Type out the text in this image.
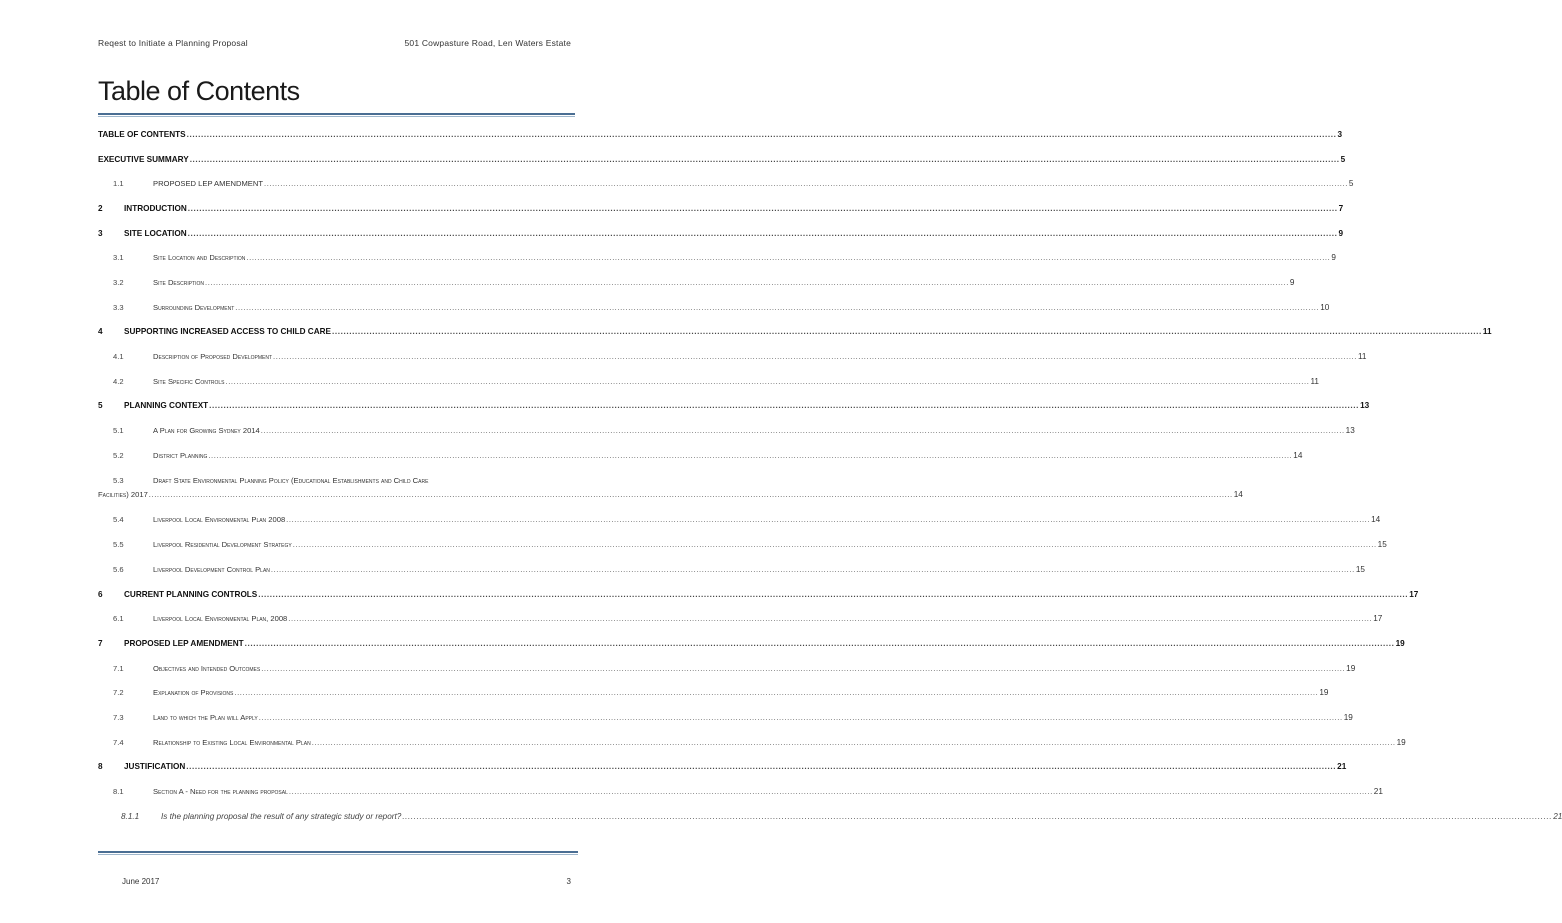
Reqest to Initiate a Planning Proposal	501 Cowpasture Road, Len Waters Estate
Table of Contents
TABLE OF CONTENTS ................................................................................................................................................................................................................................................................................................................................................................................................................ 3
EXECUTIVE SUMMARY ................................................................................................................................................................................................................................................................................................................................................................................................................ 5
1.1	PROPOSED LEP AMENDMENT ................................................................................................................................................................................................................................................................................................................................................................................................................ 5
2	INTRODUCTION ................................................................................................................................................................................................................................................................................................................................................................................................................ 7
3	SITE LOCATION ................................................................................................................................................................................................................................................................................................................................................................................................................ 9
3.1	Site Location and Description ................................................................................................................................................................................................................................................................................................................................................................................................................ 9
3.2	Site Description ................................................................................................................................................................................................................................................................................................................................................................................................................ 9
3.3	Surrounding Development ................................................................................................................................................................................................................................................................................................................................................................................................................ 10
4	SUPPORTING INCREASED ACCESS TO CHILD CARE ................................................................................................................................................................................................................................................................................................................................................................................................................ 11
4.1	Description of Proposed Development ................................................................................................................................................................................................................................................................................................................................................................................................................ 11
4.2	Site Specific Controls ................................................................................................................................................................................................................................................................................................................................................................................................................ 11
5	PLANNING CONTEXT ................................................................................................................................................................................................................................................................................................................................................................................................................ 13
5.1	A Plan for Growing Sydney 2014 ................................................................................................................................................................................................................................................................................................................................................................................................................ 13
5.2	District Planning ................................................................................................................................................................................................................................................................................................................................................................................................................ 14
5.3	Draft State Environmental Planning Policy (Educational Establishments and Child Care
Facilities) 2017 ................................................................................................................................................................................................................................................................................................................................................................................................................ 14
5.4	Liverpool Local Environmental Plan 2008 ................................................................................................................................................................................................................................................................................................................................................................................................................ 14
5.5	Liverpool Residential Development Strategy ................................................................................................................................................................................................................................................................................................................................................................................................................ 15
5.6	Liverpool Development Control Plan ................................................................................................................................................................................................................................................................................................................................................................................................................ 15
6	CURRENT PLANNING CONTROLS ................................................................................................................................................................................................................................................................................................................................................................................................................ 17
6.1	Liverpool Local Environmental Plan, 2008 ................................................................................................................................................................................................................................................................................................................................................................................................................ 17
7	PROPOSED LEP AMENDMENT ................................................................................................................................................................................................................................................................................................................................................................................................................ 19
7.1	Objectives and Intended Outcomes ................................................................................................................................................................................................................................................................................................................................................................................................................ 19
7.2	Explanation of Provisions ................................................................................................................................................................................................................................................................................................................................................................................................................ 19
7.3	Land to which the Plan will Apply ................................................................................................................................................................................................................................................................................................................................................................................................................ 19
7.4	Relationship to Existing Local Environmental Plan ................................................................................................................................................................................................................................................................................................................................................................................................................ 19
8	JUSTIFICATION ................................................................................................................................................................................................................................................................................................................................................................................................................ 21
8.1	Section A - Need for the planning proposal ................................................................................................................................................................................................................................................................................................................................................................................................................ 21
8.1.1	Is the planning proposal the result of any strategic study or report? ................................................................................................................................................................................................................................................................................................................................................................................................................ 21
June 2017	3
